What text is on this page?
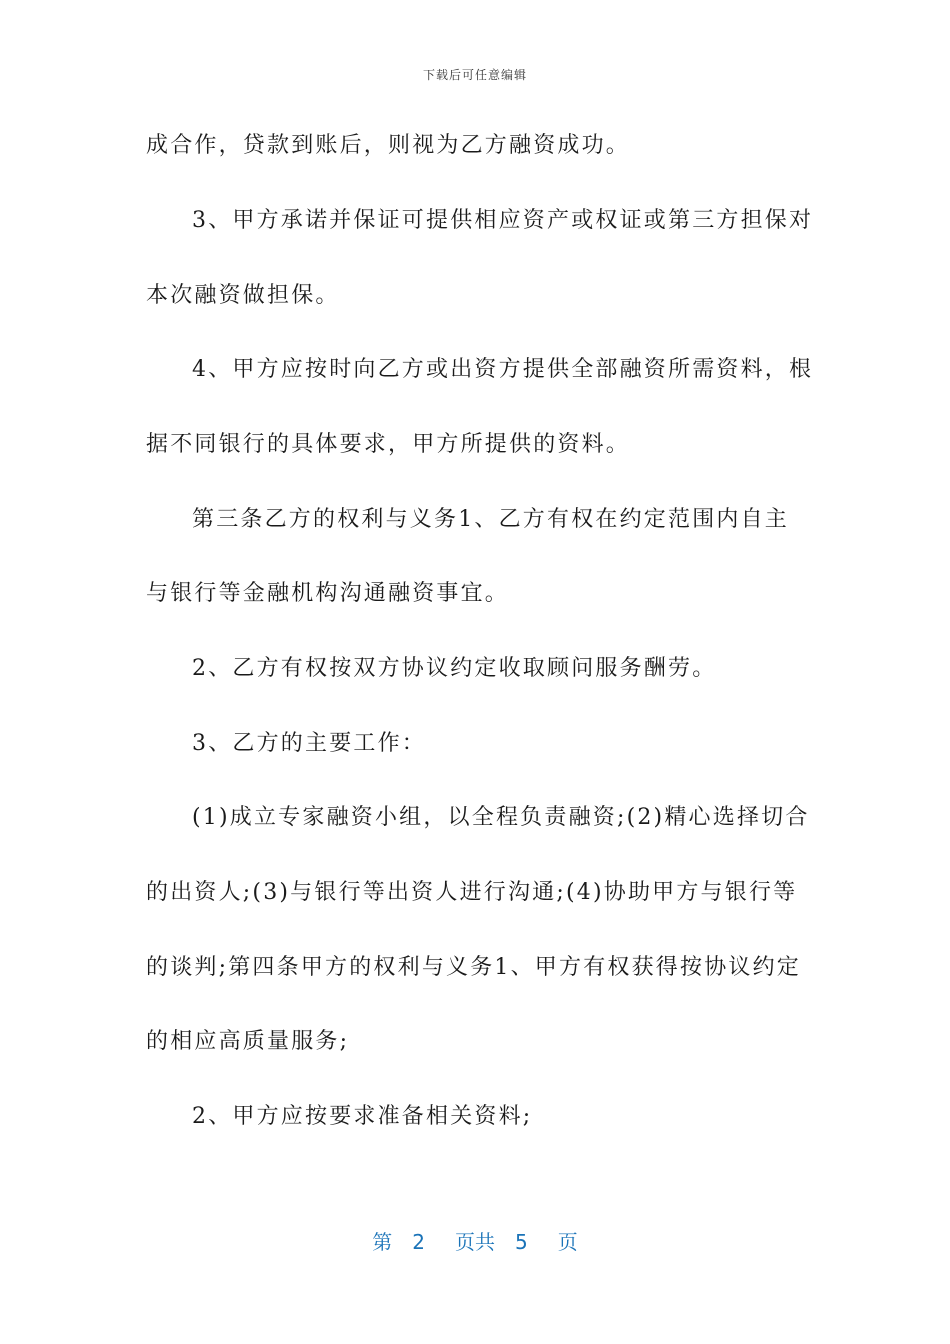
下载后可任意编辑
成合作，贷款到账后，则视为乙方融资成功。
3、甲方承诺并保证可提供相应资产或权证或第三方担保对
本次融资做担保。
4、甲方应按时向乙方或出资方提供全部融资所需资料，根
据不同银行的具体要求，甲方所提供的资料。
第三条乙方的权利与义务1、乙方有权在约定范围内自主
与银行等金融机构沟通融资事宜。
2、乙方有权按双方协议约定收取顾问服务酬劳。
3、乙方的主要工作：
(1)成立专家融资小组，以全程负责融资;(2)精心选择切合
的出资人;(3)与银行等出资人进行沟通;(4)协助甲方与银行等
的谈判;第四条甲方的权利与义务1、甲方有权获得按协议约定
的相应高质量服务;
2、甲方应按要求准备相关资料;
第 2 页共 5 页
